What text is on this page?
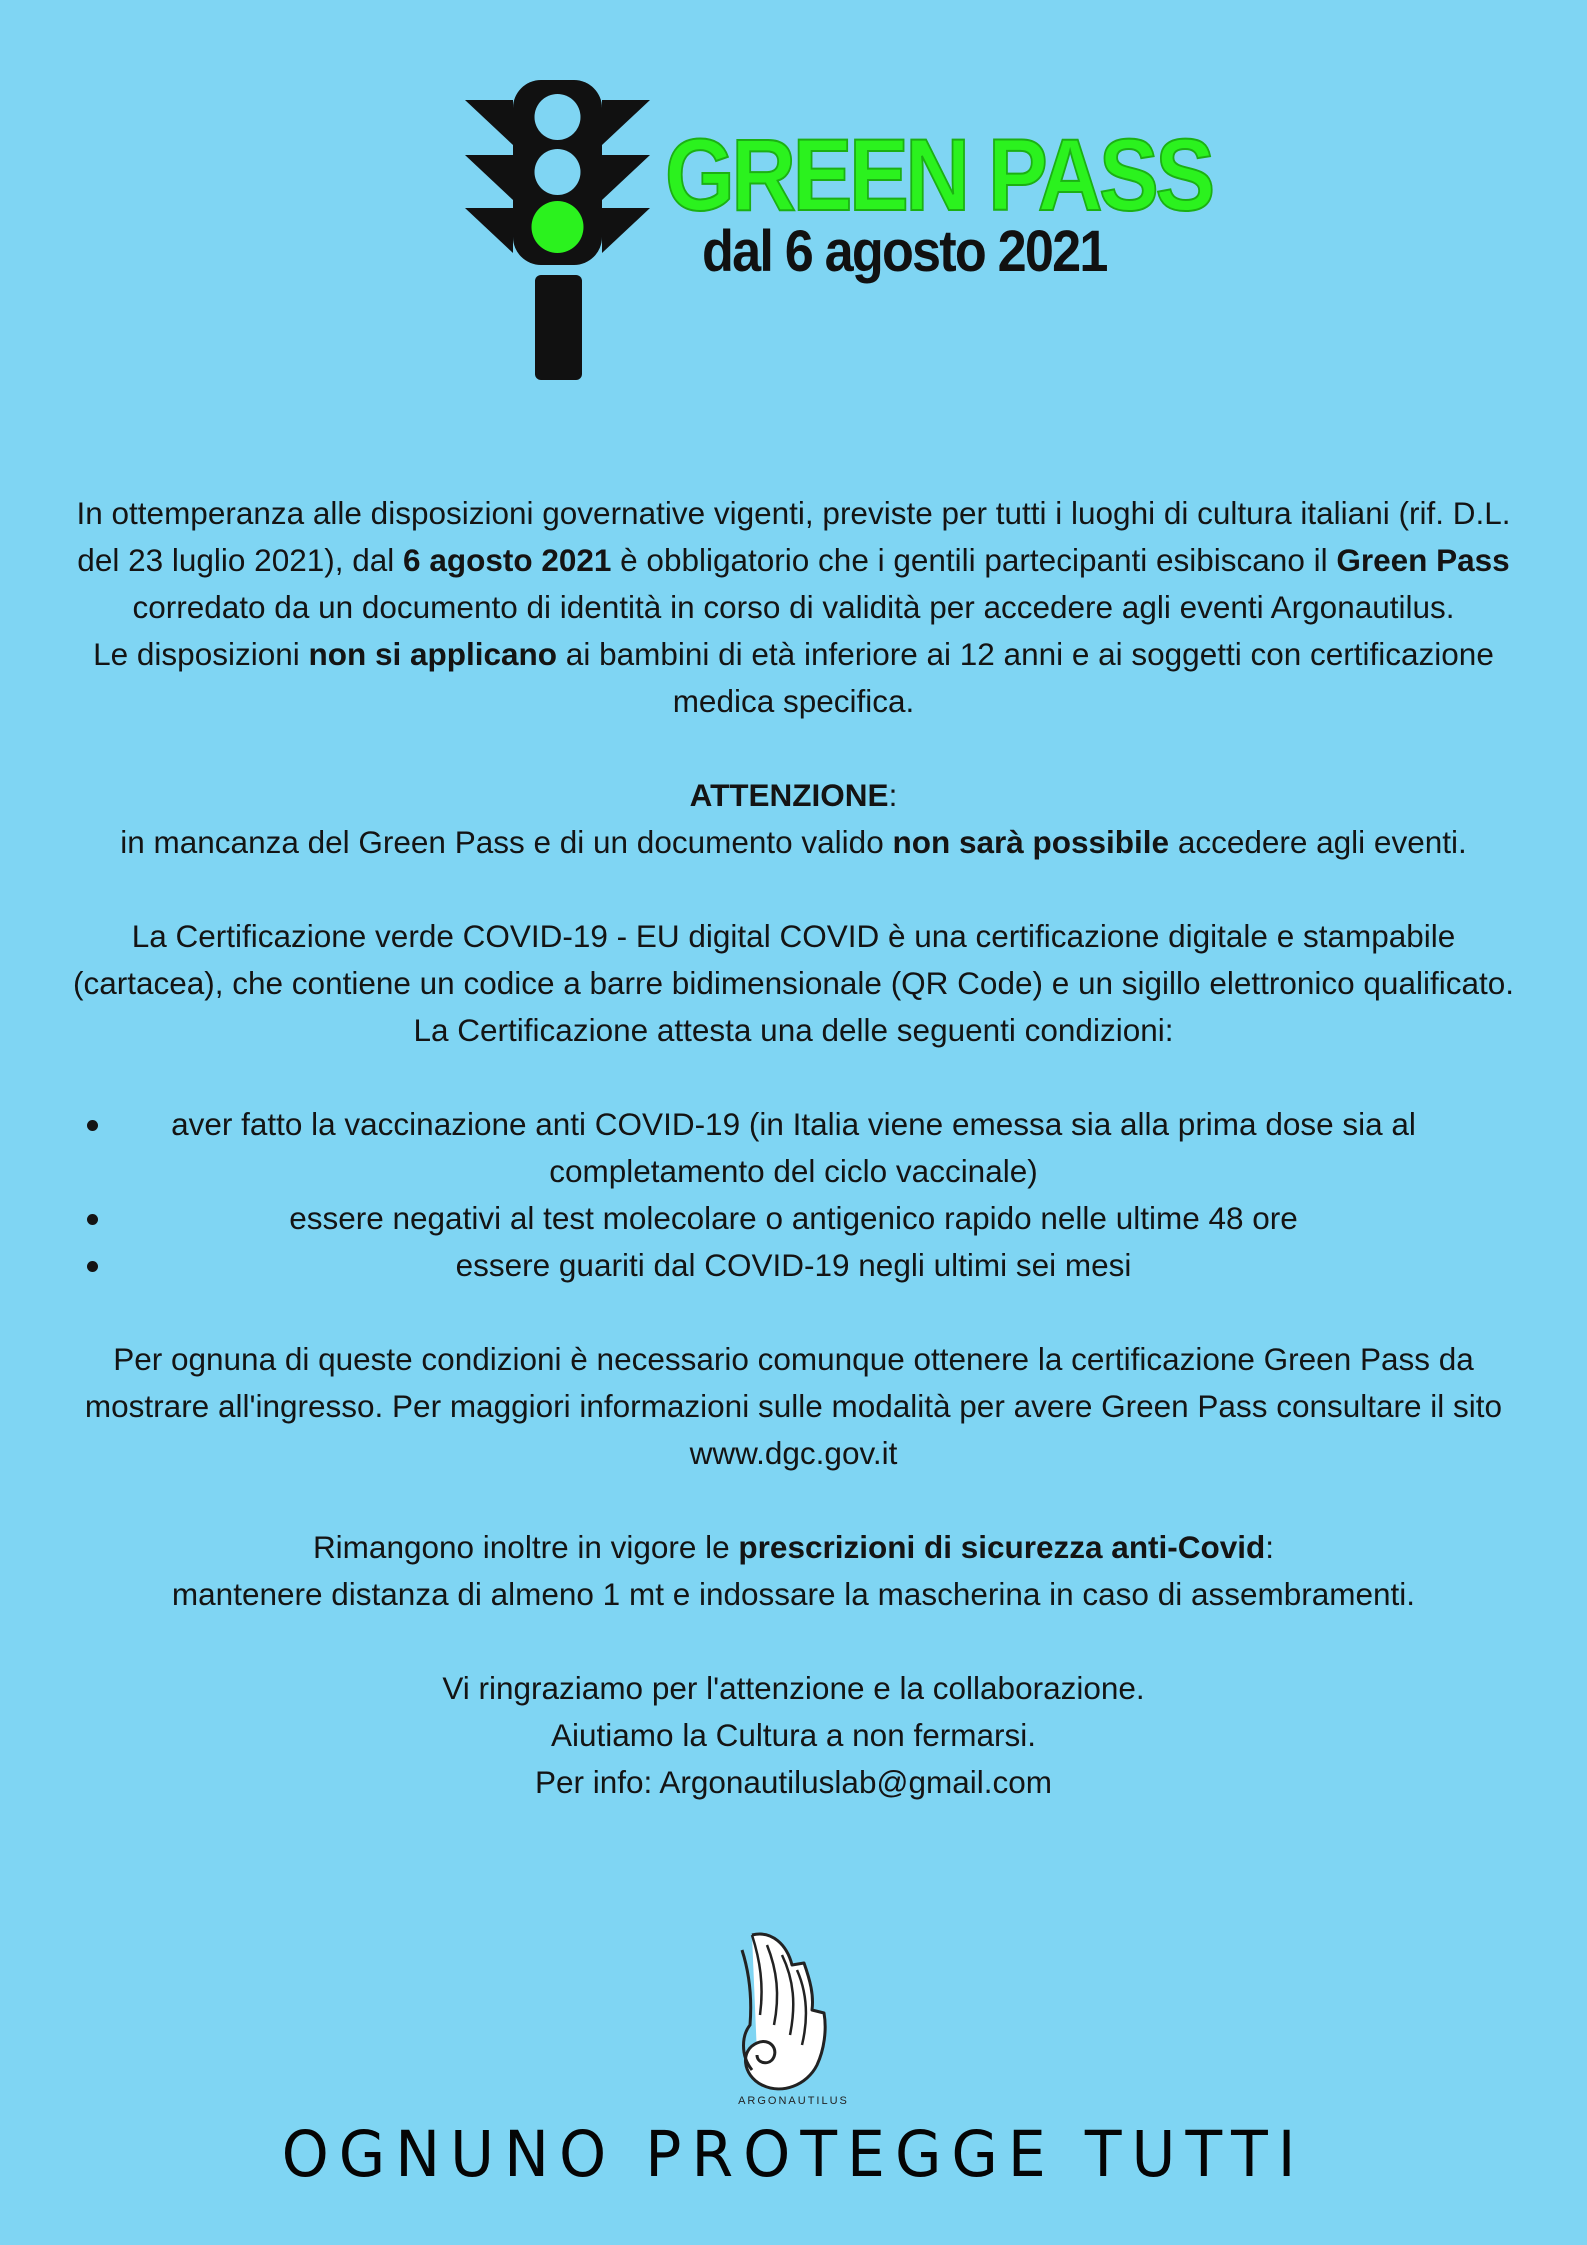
GREEN PASS
dal 6 agosto 2021

In ottemperanza alle disposizioni governative vigenti, previste per tutti i luoghi di cultura italiani (rif. D.L. del 23 luglio 2021), dal 6 agosto 2021 è obbligatorio che i gentili partecipanti esibiscano il Green Pass corredato da un documento di identità in corso di validità per accedere agli eventi Argonautilus.

Le disposizioni non si applicano ai bambini di età inferiore ai 12 anni e ai soggetti con certificazione medica specifica.

ATTENZIONE:

in mancanza del Green Pass e di un documento valido non sarà possibile accedere agli eventi.

La Certificazione verde COVID-19 - EU digital COVID è una certificazione digitale e stampabile (cartacea), che contiene un codice a barre bidimensionale (QR Code) e un sigillo elettronico qualificato. La Certificazione attesta una delle seguenti condizioni:

aver fatto la vaccinazione anti COVID-19 (in Italia viene emessa sia alla prima dose sia al completamento del ciclo vaccinale)
essere negativi al test molecolare o antigenico rapido nelle ultime 48 ore
essere guariti dal COVID-19 negli ultimi sei mesi

Per ognuna di queste condizioni è necessario comunque ottenere la certificazione Green Pass da mostrare all'ingresso. Per maggiori informazioni sulle modalità per avere Green Pass consultare il sito www.dgc.gov.it

Rimangono inoltre in vigore le prescrizioni di sicurezza anti-Covid:

mantenere distanza di almeno 1 mt e indossare la mascherina in caso di assembramenti.

Vi ringraziamo per l'attenzione e la collaborazione.

Aiutiamo la Cultura a non fermarsi.

Per info: Argonautiluslab@gmail.com

ARGONAUTILUS
OGNUNO PROTEGGE TUTTI
